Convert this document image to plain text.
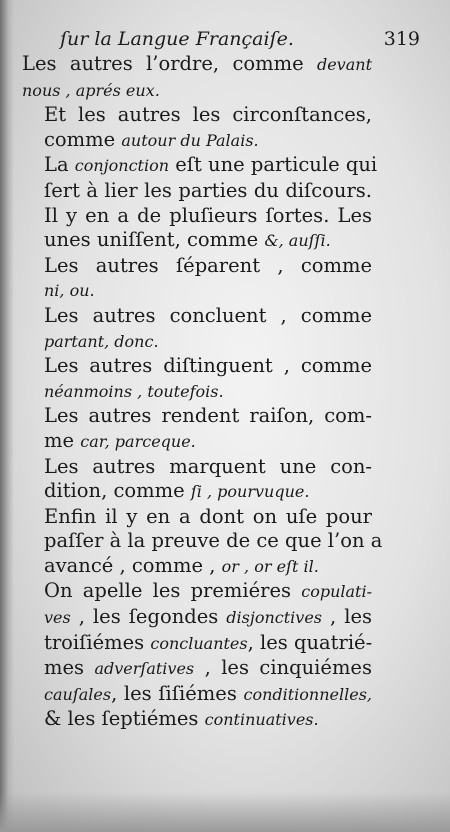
ſur la Langue Françaiſe.	319

Les autres l’ordre, comme devant
nous , aprés eux.

Et les autres les circonſtances,
comme autour du Palais.

La conjonction eſt une particule qui
ſert à lier les parties du diſcours.
Il y en a de pluſieurs ſortes. Les
unes uniſſent, comme &, auſſi.

Les autres ſéparent , comme
ni, ou.

Les autres concluent , comme
partant, donc.

Les autres diſtinguent , comme
néanmoins , toutefois.

Les autres rendent raiſon, com-
me car, parceque.

Les autres marquent une con-
dition, comme ſi , pourvuque.

Enfin il y en a dont on uſe pour
paſſer à la preuve de ce que l’on a
avancé , comme , or , or eſt il.

On apelle les premiéres copulati-
ves , les ſegondes disjonctives , les
troiſiémes concluantes, les quatrié-
mes adverſatives , les cinquiémes
cauſales, les ſiſiémes conditionnelles,
& les ſeptiémes continuatives.
